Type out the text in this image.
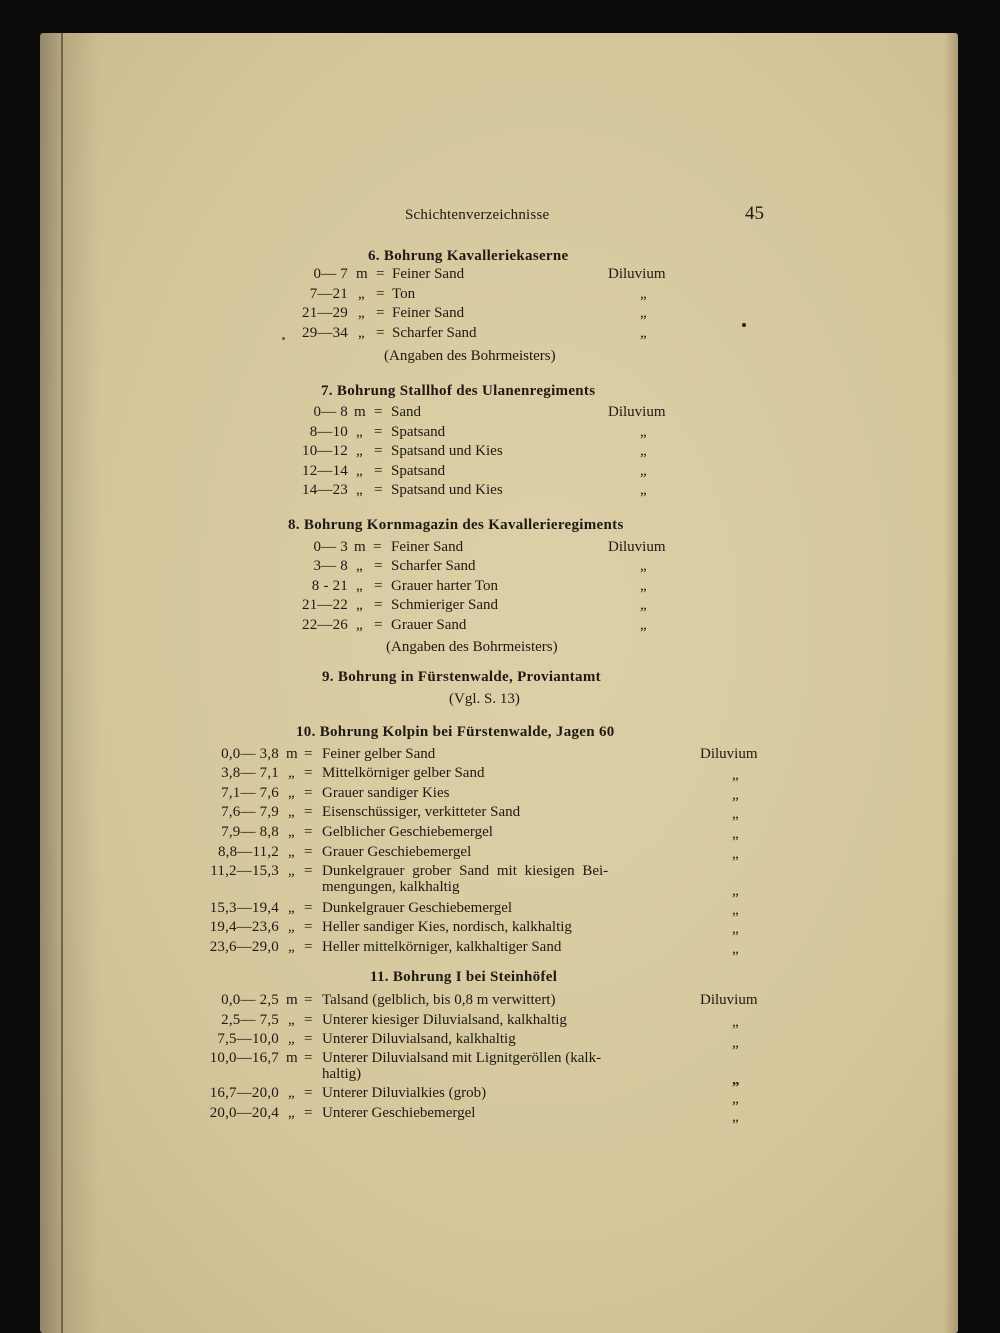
Schichtenverzeichnisse	45
6. Bohrung Kavalleriekaserne
0— 7 m = Feiner Sand	Diluvium
7—21 „ = Ton	„
21—29 „ = Feiner Sand	„
29—34 „ = Scharfer Sand	„
(Angaben des Bohrmeisters)
7. Bohrung Stallhof des Ulanenregiments
0— 8 m = Sand	Diluvium
8—10 „ = Spatsand	„
10—12 „ = Spatsand und Kies	„
12—14 „ = Spatsand	„
14—23 „ = Spatsand und Kies	„
8. Bohrung Kornmagazin des Kavallerieregiments
0— 3 m = Feiner Sand	Diluvium
3— 8 „ = Scharfer Sand	„
8 - 21 „ = Grauer harter Ton	„
21—22 „ = Schmieriger Sand	„
22—26 „ = Grauer Sand	„
(Angaben des Bohrmeisters)
9. Bohrung in Fürstenwalde, Proviantamt
(Vgl. S. 13)
10. Bohrung Kolpin bei Fürstenwalde, Jagen 60
0,0— 3,8 m = Feiner gelber Sand	Diluvium
3,8— 7,1 „ = Mittelkörniger gelber Sand	„
7,1— 7,6 „ = Grauer sandiger Kies	„
7,6— 7,9 „ = Eisenschüssiger, verkitteter Sand	„
7,9— 8,8 „ = Gelblicher Geschiebemergel	„
8,8—11,2 „ = Grauer Geschiebemergel	„
11,2—15,3 „ = Dunkelgrauer grober Sand mit kiesigen Bei-
mengungen, kalkhaltig	„
15,3—19,4 „ = Dunkelgrauer Geschiebemergel	„
19,4—23,6 „ = Heller sandiger Kies, nordisch, kalkhaltig	„
23,6—29,0 „ = Heller mittelkörniger, kalkhaltiger Sand	„
11. Bohrung I bei Steinhöfel
0,0— 2,5 m = Talsand (gelblich, bis 0,8 m verwittert)	Diluvium
2,5— 7,5 „ = Unterer kiesiger Diluvialsand, kalkhaltig	„
7,5—10,0 „ = Unterer Diluvialsand, kalkhaltig	„
10,0—16,7 m = Unterer Diluvialsand mit Lignitgeröllen (kalk-
haltig)	„
16,7—20,0 „ = Unterer Diluvialkies (grob)	„
20,0—20,4 „ = Unterer Geschiebemergel	„
